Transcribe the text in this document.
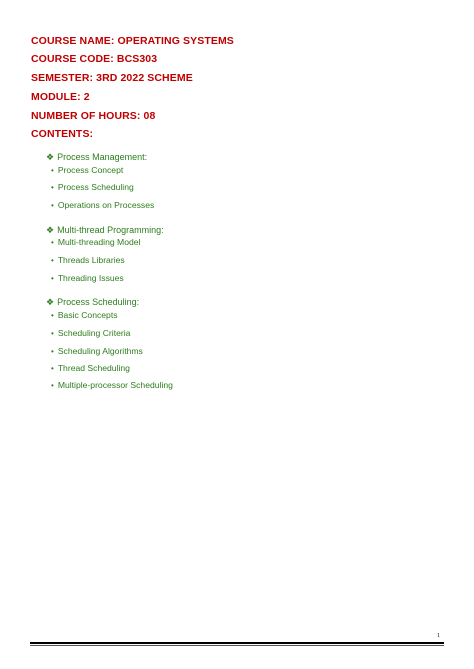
COURSE NAME: OPERATING SYSTEMS
COURSE CODE: BCS303
SEMESTER: 3RD 2022 SCHEME
MODULE: 2
NUMBER OF HOURS: 08
CONTENTS:
❖ Process Management:
• Process Concept
• Process Scheduling
• Operations on Processes
❖ Multi-thread Programming:
• Multi-threading Model
• Threads Libraries
• Threading Issues
❖ Process Scheduling:
• Basic Concepts
• Scheduling Criteria
• Scheduling Algorithms
• Thread Scheduling
• Multiple-processor Scheduling
1
